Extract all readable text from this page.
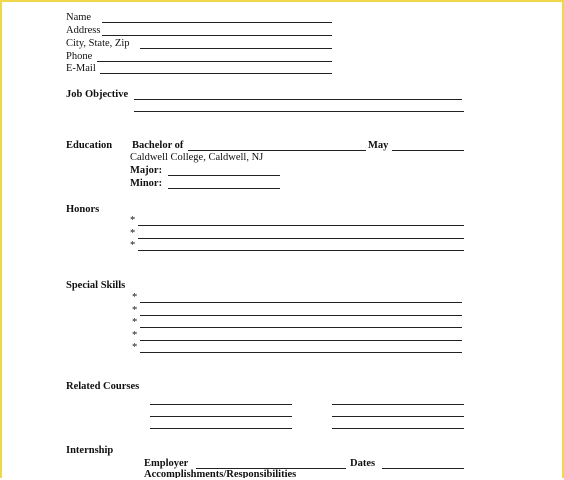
Name
Address
City, State, Zip
Phone
E-Mail
Job Objective
Education Bachelor of	May
Caldwell College, Caldwell, NJ
Major:
Minor:
Honors
*
*
*
Special Skills
*
*
*
*
*
Related Courses
Internship
Employer	Dates
Accomplishments/Responsibilities
